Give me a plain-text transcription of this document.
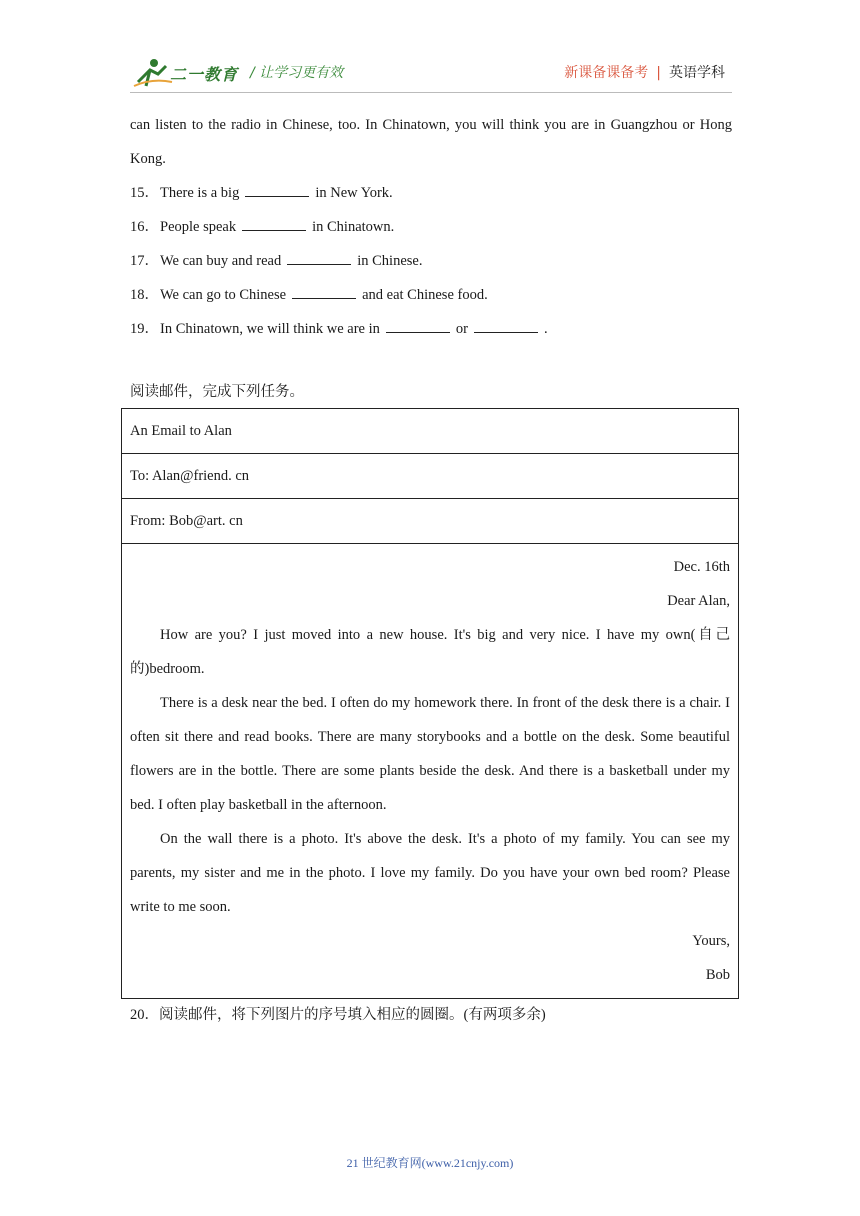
二一教育 / 让学习更有效	新课备课备考 | 英语学科
can listen to the radio in Chinese, too. In Chinatown, you will think you are in Guangzhou or Hong Kong.
15．There is a big	in New York.
16．People speak	in Chinatown.
17．We can buy and read	in Chinese.
18．We can go to Chinese	and eat Chinese food.
19．In Chinatown, we will think we are in	or	.
阅读邮件，完成下列任务。
An Email to Alan
To: Alan@friend. cn
From: Bob@art. cn

Dec. 16th
Dear Alan,

How are you? I just moved into a new house. It's big and very nice. I have my own(自己的)bedroom.

There is a desk near the bed. I often do my homework there. In front of the desk there is a chair. I often sit there and read books. There are many storybooks and a bottle on the desk. Some beautiful flowers are in the bottle. There are some plants beside the desk. And there is a basketball under my bed. I often play basketball in the afternoon.

On the wall there is a photo. It's above the desk. It's a photo of my family. You can see my parents, my sister and me in the photo. I love my family. Do you have your own bed room? Please write to me soon.

Yours,
Bob
20．阅读邮件，将下列图片的序号填入相应的圆圈。(有两项多余)
21 世纪教育网(www.21cnjy.com)
